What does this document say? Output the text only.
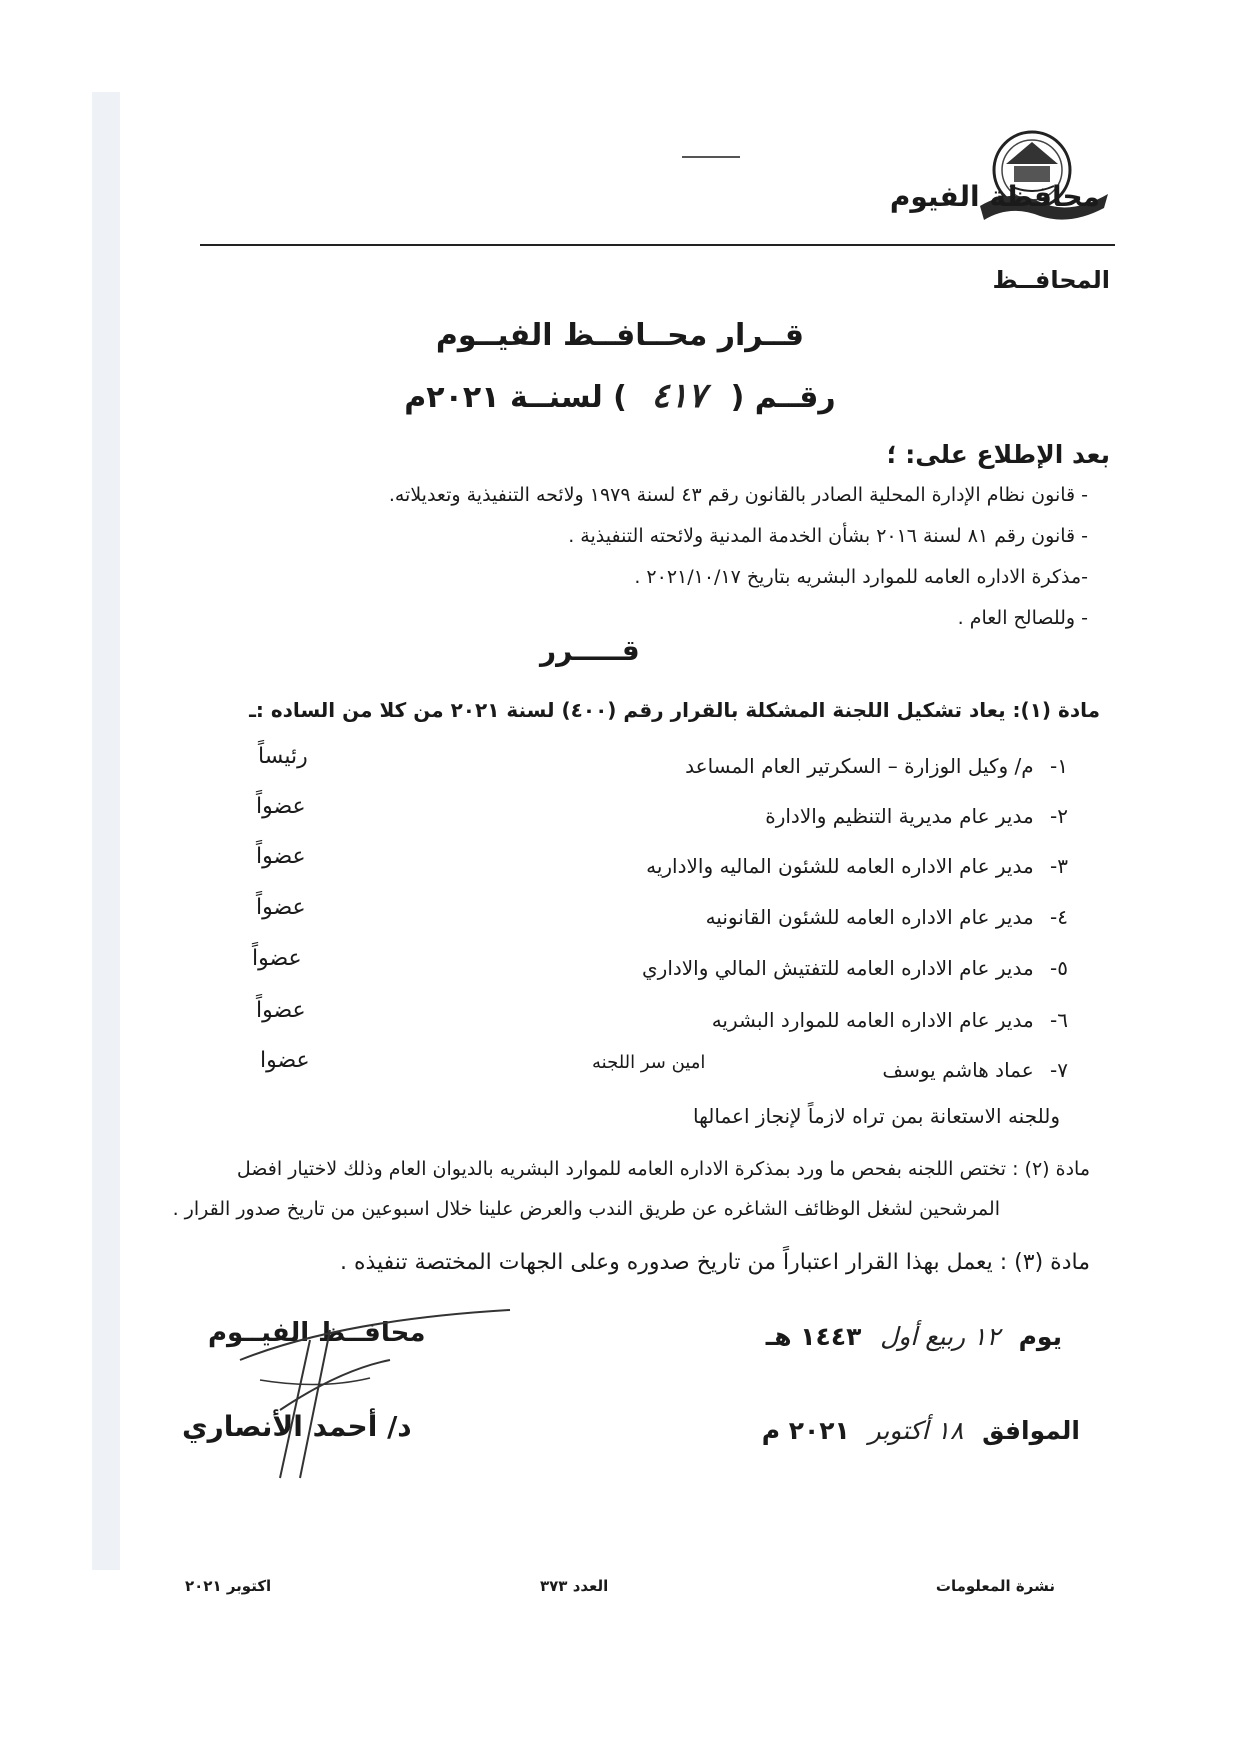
محافظة الفيوم
المحافــظ
قــرار محــافــظ الفيــوم
رقــم ( ٤١٧ ) لسنــة ٢٠٢١م
بعد الإطلاع على: ؛
- قانون نظام الإدارة المحلية الصادر بالقانون رقم ٤٣ لسنة ١٩٧٩ ولائحه التنفيذية وتعديلاته.
- قانون رقم ٨١ لسنة ٢٠١٦ بشأن الخدمة المدنية ولائحته التنفيذية .
-مذكرة الاداره العامه للموارد البشريه بتاريخ ٢٠٢١/١٠/١٧ .
- وللصالح العام .
قـــــرر
مادة (١): يعاد تشكيل اللجنة المشكلة بالقرار رقم (٤٠٠) لسنة ٢٠٢١ من كلا من الساده :ـ
١- م/ وكيل الوزارة – السكرتير العام المساعد
رئيساً
٢- مدير عام مديرية التنظيم والادارة
عضواً
٣- مدير عام الاداره العامه للشئون الماليه والاداريه
عضواً
٤- مدير عام الاداره العامه للشئون القانونيه
عضواً
٥- مدير عام الاداره العامه للتفتيش المالي والاداري
عضواً
٦- مدير عام الاداره العامه للموارد البشريه
عضواً
٧- عماد هاشم يوسف
امين سر اللجنه
عضوا
وللجنه الاستعانة بمن تراه لازماً لإنجاز اعمالها
مادة (٢) : تختص اللجنه بفحص ما ورد بمذكرة الاداره العامه للموارد البشريه بالديوان العام وذلك لاختيار افضل
المرشحين لشغل الوظائف الشاغره عن طريق الندب والعرض علينا خلال اسبوعين من تاريخ صدور القرار .
مادة (٣) : يعمل بهذا القرار اعتباراً من تاريخ صدوره وعلى الجهات المختصة تنفيذه .
يوم ١٢ ربيع أول ١٤٤٣ هـ
الموافق ١٨ أكتوبر ٢٠٢١ م
محافــظ الفيــوم
د/ أحمد الأنصاري
نشرة المعلومات
العدد ٣٧٣
اكتوبر ٢٠٢١
